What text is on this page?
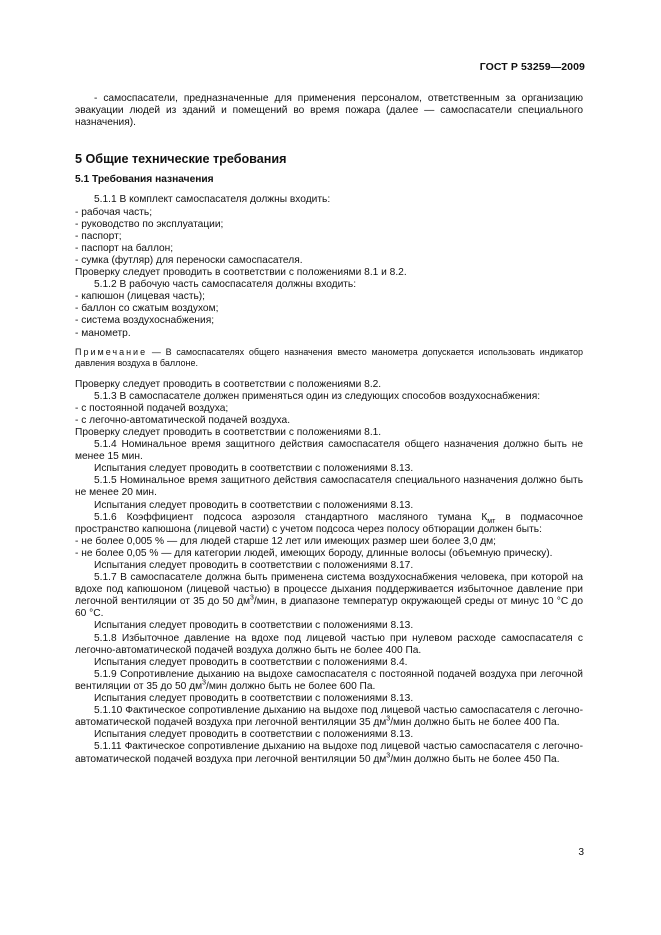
ГОСТ Р 53259—2009

- самоспасатели, предназначенные для применения персоналом, ответственным за организацию эвакуации людей из зданий и помещений во время пожара (далее — самоспасатели специального назначения).

5 Общие технические требования

5.1 Требования назначения

5.1.1 В комплект самоспасателя должны входить:

- рабочая часть;

- руководство по эксплуатации;

- паспорт;

- паспорт на баллон;

- сумка (футляр) для переноски самоспасателя.

Проверку следует проводить в соответствии с положениями 8.1 и 8.2.

5.1.2 В рабочую часть самоспасателя должны входить:

- капюшон (лицевая часть);

- баллон со сжатым воздухом;

- система воздухоснабжения;

- манометр.

Примечание — В самоспасателях общего назначения вместо манометра допускается использовать индикатор давления воздуха в баллоне.

Проверку следует проводить в соответствии с положениями 8.2.

5.1.3 В самоспасателе должен применяться один из следующих способов воздухоснабжения:

- с постоянной подачей воздуха;

- с легочно-автоматической подачей воздуха.

Проверку следует проводить в соответствии с положениями 8.1.

5.1.4 Номинальное время защитного действия самоспасателя общего назначения должно быть не менее 15 мин.

Испытания следует проводить в соответствии с положениями 8.13.

5.1.5 Номинальное время защитного действия самоспасателя специального назначения должно быть не менее 20 мин.

Испытания следует проводить в соответствии с положениями 8.13.

5.1.6 Коэффициент подсоса аэрозоля стандартного масляного тумана $К_{мт}$ в подмасочное пространство капюшона (лицевой части) с учетом подсоса через полосу обтюрации должен быть:

- не более 0,005 % — для людей старше 12 лет или имеющих размер шеи более 3,0 дм;

- не более 0,05 % — для категории людей, имеющих бороду, длинные волосы (объемную прическу).

Испытания следует проводить в соответствии с положениями 8.17.

5.1.7 В самоспасателе должна быть применена система воздухоснабжения человека, при которой на вдохе под капюшоном (лицевой частью) в процессе дыхания поддерживается избыточное давление при легочной вентиляции от 35 до 50 $дм^3$/мин, в диапазоне температур окружающей среды от минус 10 °С до 60 °С.

Испытания следует проводить в соответствии с положениями 8.13.

5.1.8 Избыточное давление на вдохе под лицевой частью при нулевом расходе самоспасателя с легочно-автоматической подачей воздуха должно быть не более 400 Па.

Испытания следует проводить в соответствии с положениями 8.4.

5.1.9 Сопротивление дыханию на выдохе самоспасателя с постоянной подачей воздуха при легочной вентиляции от 35 до 50 $дм^3$/мин должно быть не более 600 Па.

Испытания следует проводить в соответствии с положениями 8.13.

5.1.10 Фактическое сопротивление дыханию на выдохе под лицевой частью самоспасателя с легочно-автоматической подачей воздуха при легочной вентиляции 35 $дм^3$/мин должно быть не более 400 Па.

Испытания следует проводить в соответствии с положениями 8.13.

5.1.11 Фактическое сопротивление дыханию на выдохе под лицевой частью самоспасателя с легочно-автоматической подачей воздуха при легочной вентиляции 50 $дм^3$/мин должно быть не более 450 Па.

3
